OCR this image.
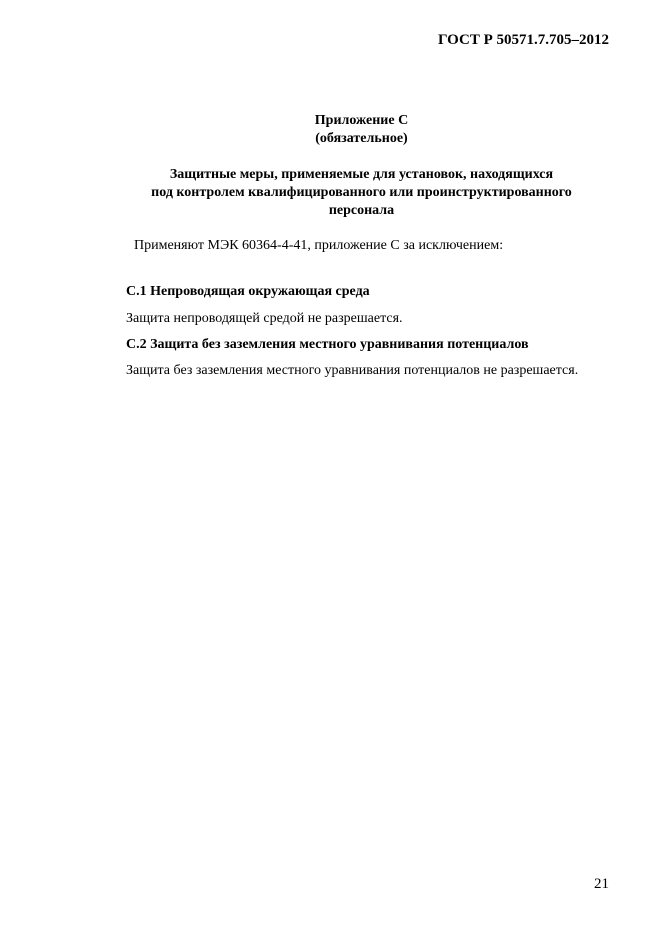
ГОСТ Р 50571.7.705–2012
Приложение С
(обязательное)
Защитные меры, применяемые для установок, находящихся
под контролем квалифицированного или проинструктированного
персонала
Применяют МЭК 60364-4-41, приложение С за исключением:
С.1 Непроводящая окружающая среда
Защита непроводящей средой не разрешается.
С.2 Защита без заземления местного уравнивания потенциалов
Защита без заземления местного уравнивания потенциалов не разрешается.
21
